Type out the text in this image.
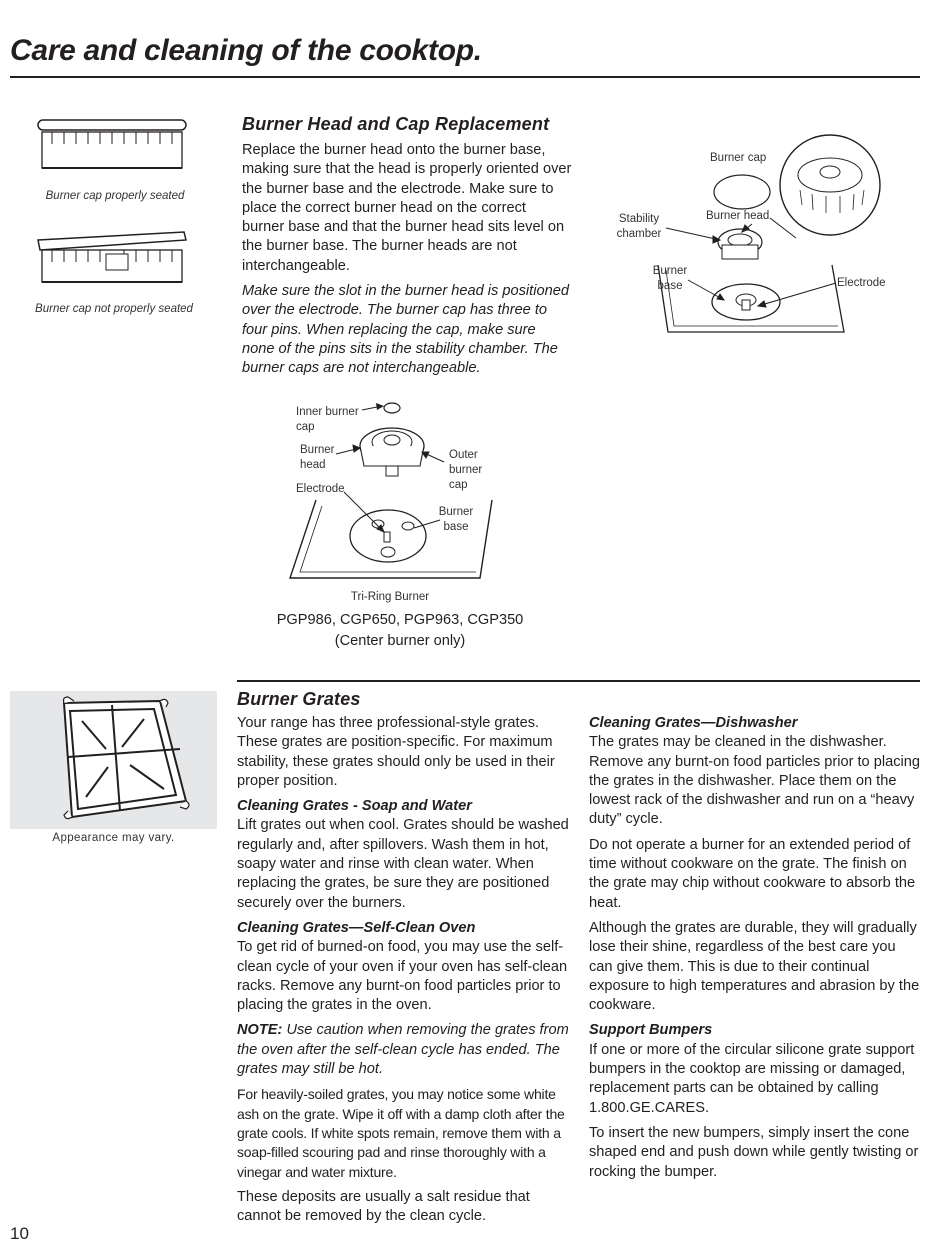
Care and cleaning of the cooktop.
Burner cap properly seated
Burner cap not properly seated
Burner Head and Cap Replacement

Replace the burner head onto the burner base, making sure that the head is properly oriented over the burner base and the electrode. Make sure to place the correct burner head on the correct burner base and that the burner head sits level on the burner base. The burner heads are not interchangeable.

Make sure the slot in the burner head is positioned over the electrode. The burner cap has three to four pins. When replacing the cap, make sure none of the pins sits in the stability chamber. The burner caps are not interchangeable.

Burner cap
Stability
chamber
Burner head
Burner
base	Electrode
Inner burner
cap
Burner
head
Outer
burner
cap
Electrode
Burner
base
Tri-Ring Burner
PGP986, CGP650, PGP963, CGP350
(Center burner only)
Appearance may vary.
Burner Grates

Your range has three professional-style grates. These grates are position-specific. For maximum stability, these grates should only be used in their proper position.

Cleaning Grates - Soap and Water

Lift grates out when cool. Grates should be washed regularly and, after spillovers. Wash them in hot, soapy water and rinse with clean water. When replacing the grates, be sure they are positioned securely over the burners.

Cleaning Grates—Self-Clean Oven

To get rid of burned-on food, you may use the self-clean cycle of your oven if your oven has self-clean racks. Remove any burnt-on food particles prior to placing the grates in the oven.

NOTE: Use caution when removing the grates from the oven after the self-clean cycle has ended. The grates may still be hot.

For heavily-soiled grates, you may notice some white ash on the grate. Wipe it off with a damp cloth after the grate cools. If white spots remain, remove them with a soap-filled scouring pad and rinse thoroughly with a vinegar and water mixture.

These deposits are usually a salt residue that cannot be removed by the clean cycle.

Cleaning Grates—Dishwasher

The grates may be cleaned in the dishwasher. Remove any burnt-on food particles prior to placing the grates in the dishwasher. Place them on the lowest rack of the dishwasher and run on a “heavy duty” cycle.

Do not operate a burner for an extended period of time without cookware on the grate. The finish on the grate may chip without cookware to absorb the heat.

Although the grates are durable, they will gradually lose their shine, regardless of the best care you can give them. This is due to their continual exposure to high temperatures and abrasion by the cookware.

Support Bumpers

If one or more of the circular silicone grate support bumpers in the cooktop are missing or damaged, replacement parts can be obtained by calling 1.800.GE.CARES.

To insert the new bumpers, simply insert the cone shaped end and push down while gently twisting or rocking the bumper.

10
